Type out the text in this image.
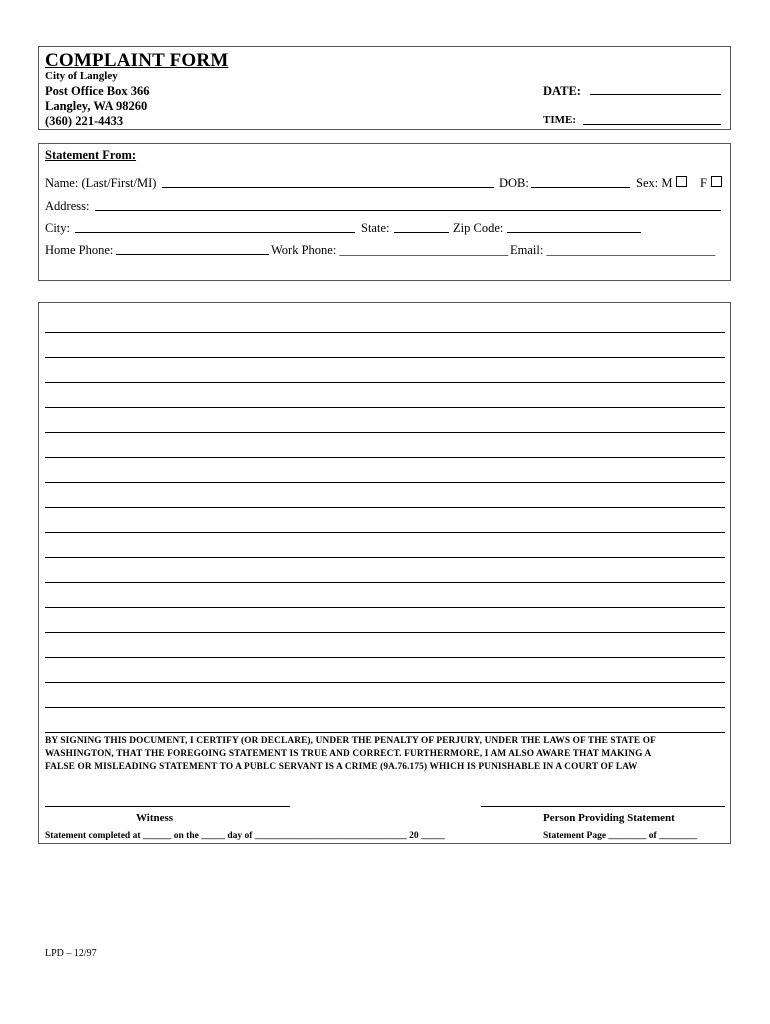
COMPLAINT FORM
City of Langley
Post Office Box 366
Langley, WA 98260
(360) 221-4433
DATE:
TIME:
Statement From:
Name: (Last/First/MI)	DOB:	Sex: M F
Address:
City:	State:	Zip Code:
Home Phone:	Work Phone: ___________________________ Email: ___________________________
BY SIGNING THIS DOCUMENT, I CERTIFY (OR DECLARE), UNDER THE PENALTY OF PERJURY, UNDER THE LAWS OF THE STATE OF
WASHINGTON, THAT THE FOREGOING STATEMENT IS TRUE AND CORRECT. FURTHERMORE, I AM ALSO AWARE THAT MAKING A
FALSE OR MISLEADING STATEMENT TO A PUBLC SERVANT IS A CRIME (9A.76.175) WHICH IS PUNISHABLE IN A COURT OF LAW
Witness	Person Providing Statement
Statement completed at ______ on the _____ day of ________________________________ 20 _____	Statement Page ________ of ________
LPD – 12/97
